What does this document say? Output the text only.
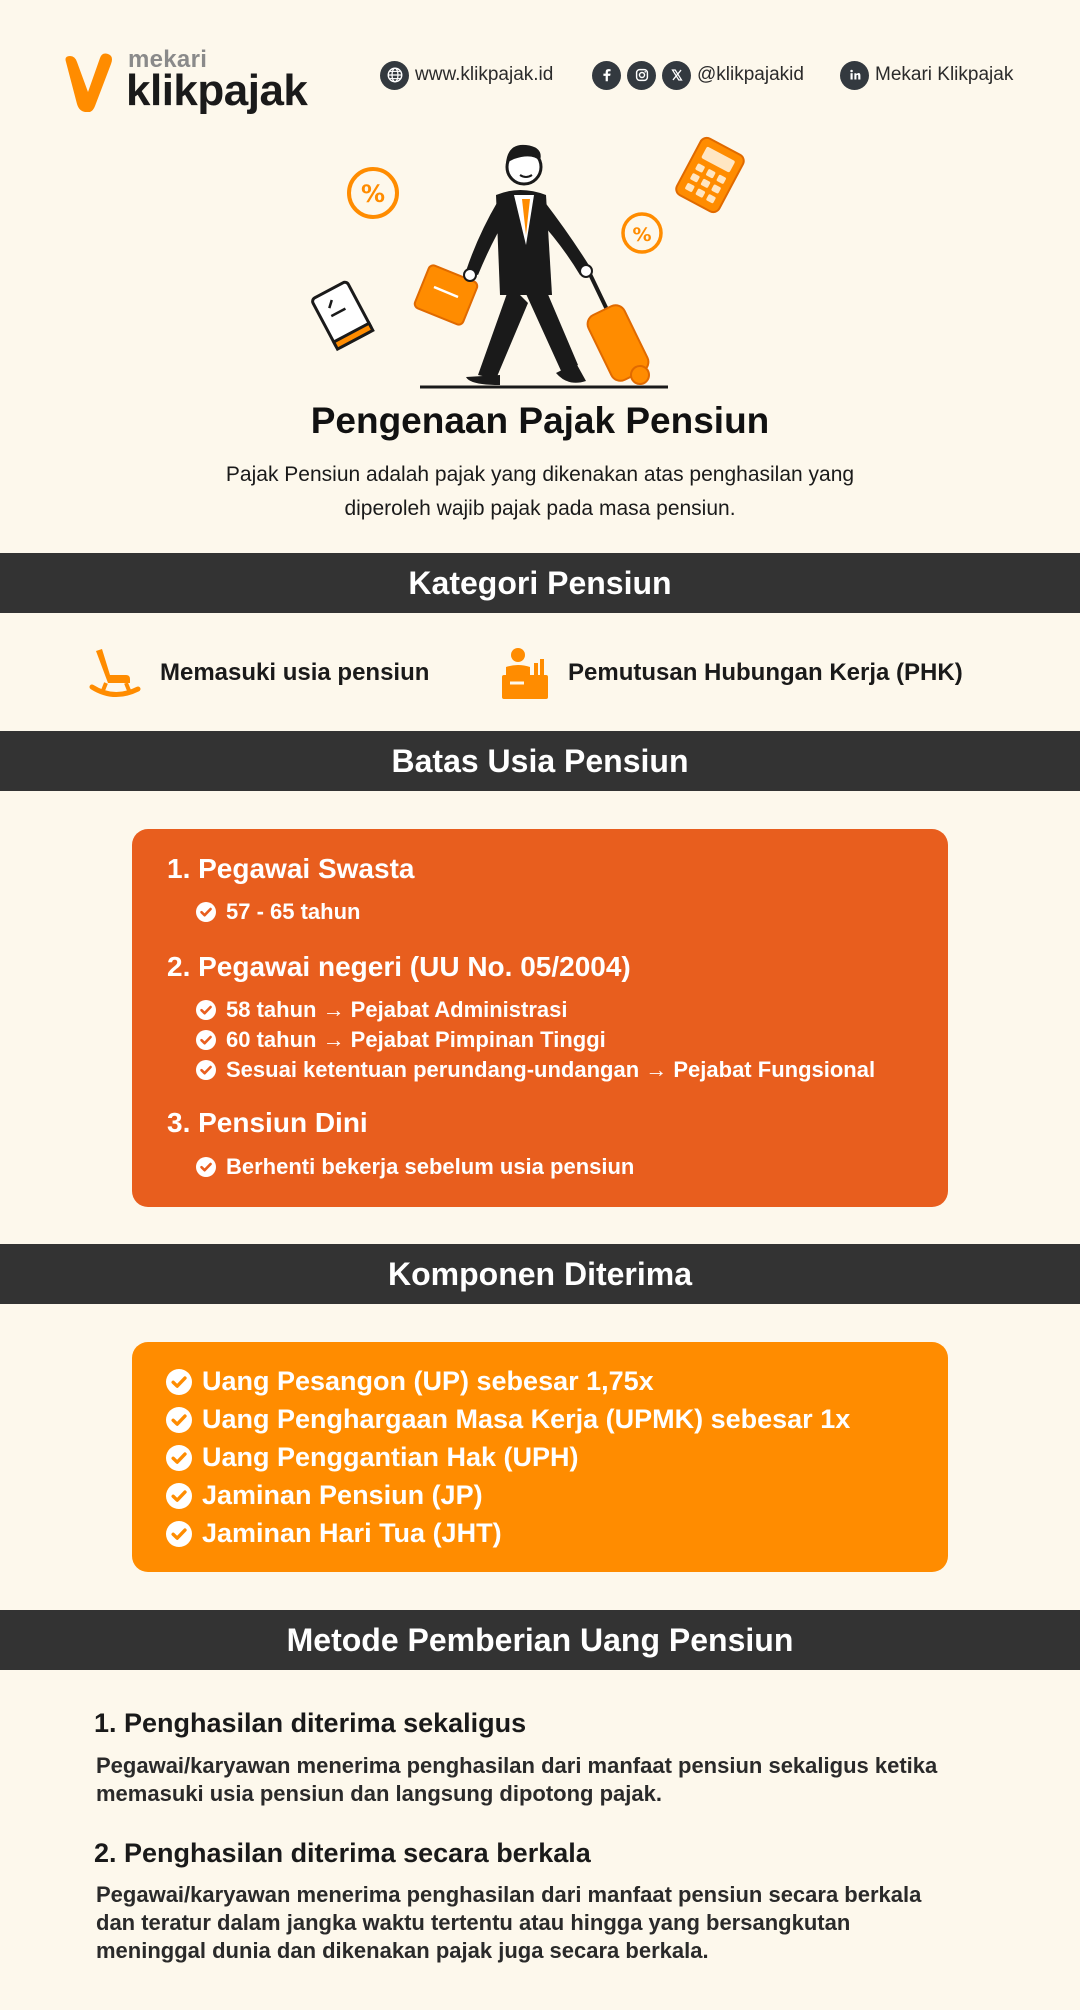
mekari
klikpajak	www.klikpajak.id	@klikpajakid	Mekari Klikpajak
%
%
Pengenaan Pajak Pensiun
Pajak Pensiun adalah pajak yang dikenakan atas penghasilan yang
diperoleh wajib pajak pada masa pensiun.
Kategori Pensiun
Memasuki usia pensiun	Pemutusan Hubungan Kerja (PHK)
Batas Usia Pensiun
1. Pegawai Swasta
57 - 65 tahun
2. Pegawai negeri (UU No. 05/2004)
58 tahun → Pejabat Administrasi
60 tahun → Pejabat Pimpinan Tinggi
Sesuai ketentuan perundang-undangan → Pejabat Fungsional
3. Pensiun Dini
Berhenti bekerja sebelum usia pensiun
Komponen Diterima
Uang Pesangon (UP) sebesar 1,75x
Uang Penghargaan Masa Kerja (UPMK) sebesar 1x
Uang Penggantian Hak (UPH)
Jaminan Pensiun (JP)
Jaminan Hari Tua (JHT)
Metode Pemberian Uang Pensiun
1. Penghasilan diterima sekaligus
Pegawai/karyawan menerima penghasilan dari manfaat pensiun sekaligus ketika
memasuki usia pensiun dan langsung dipotong pajak.
2. Penghasilan diterima secara berkala
Pegawai/karyawan menerima penghasilan dari manfaat pensiun secara berkala
dan teratur dalam jangka waktu tertentu atau hingga yang bersangkutan
meninggal dunia dan dikenakan pajak juga secara berkala.
